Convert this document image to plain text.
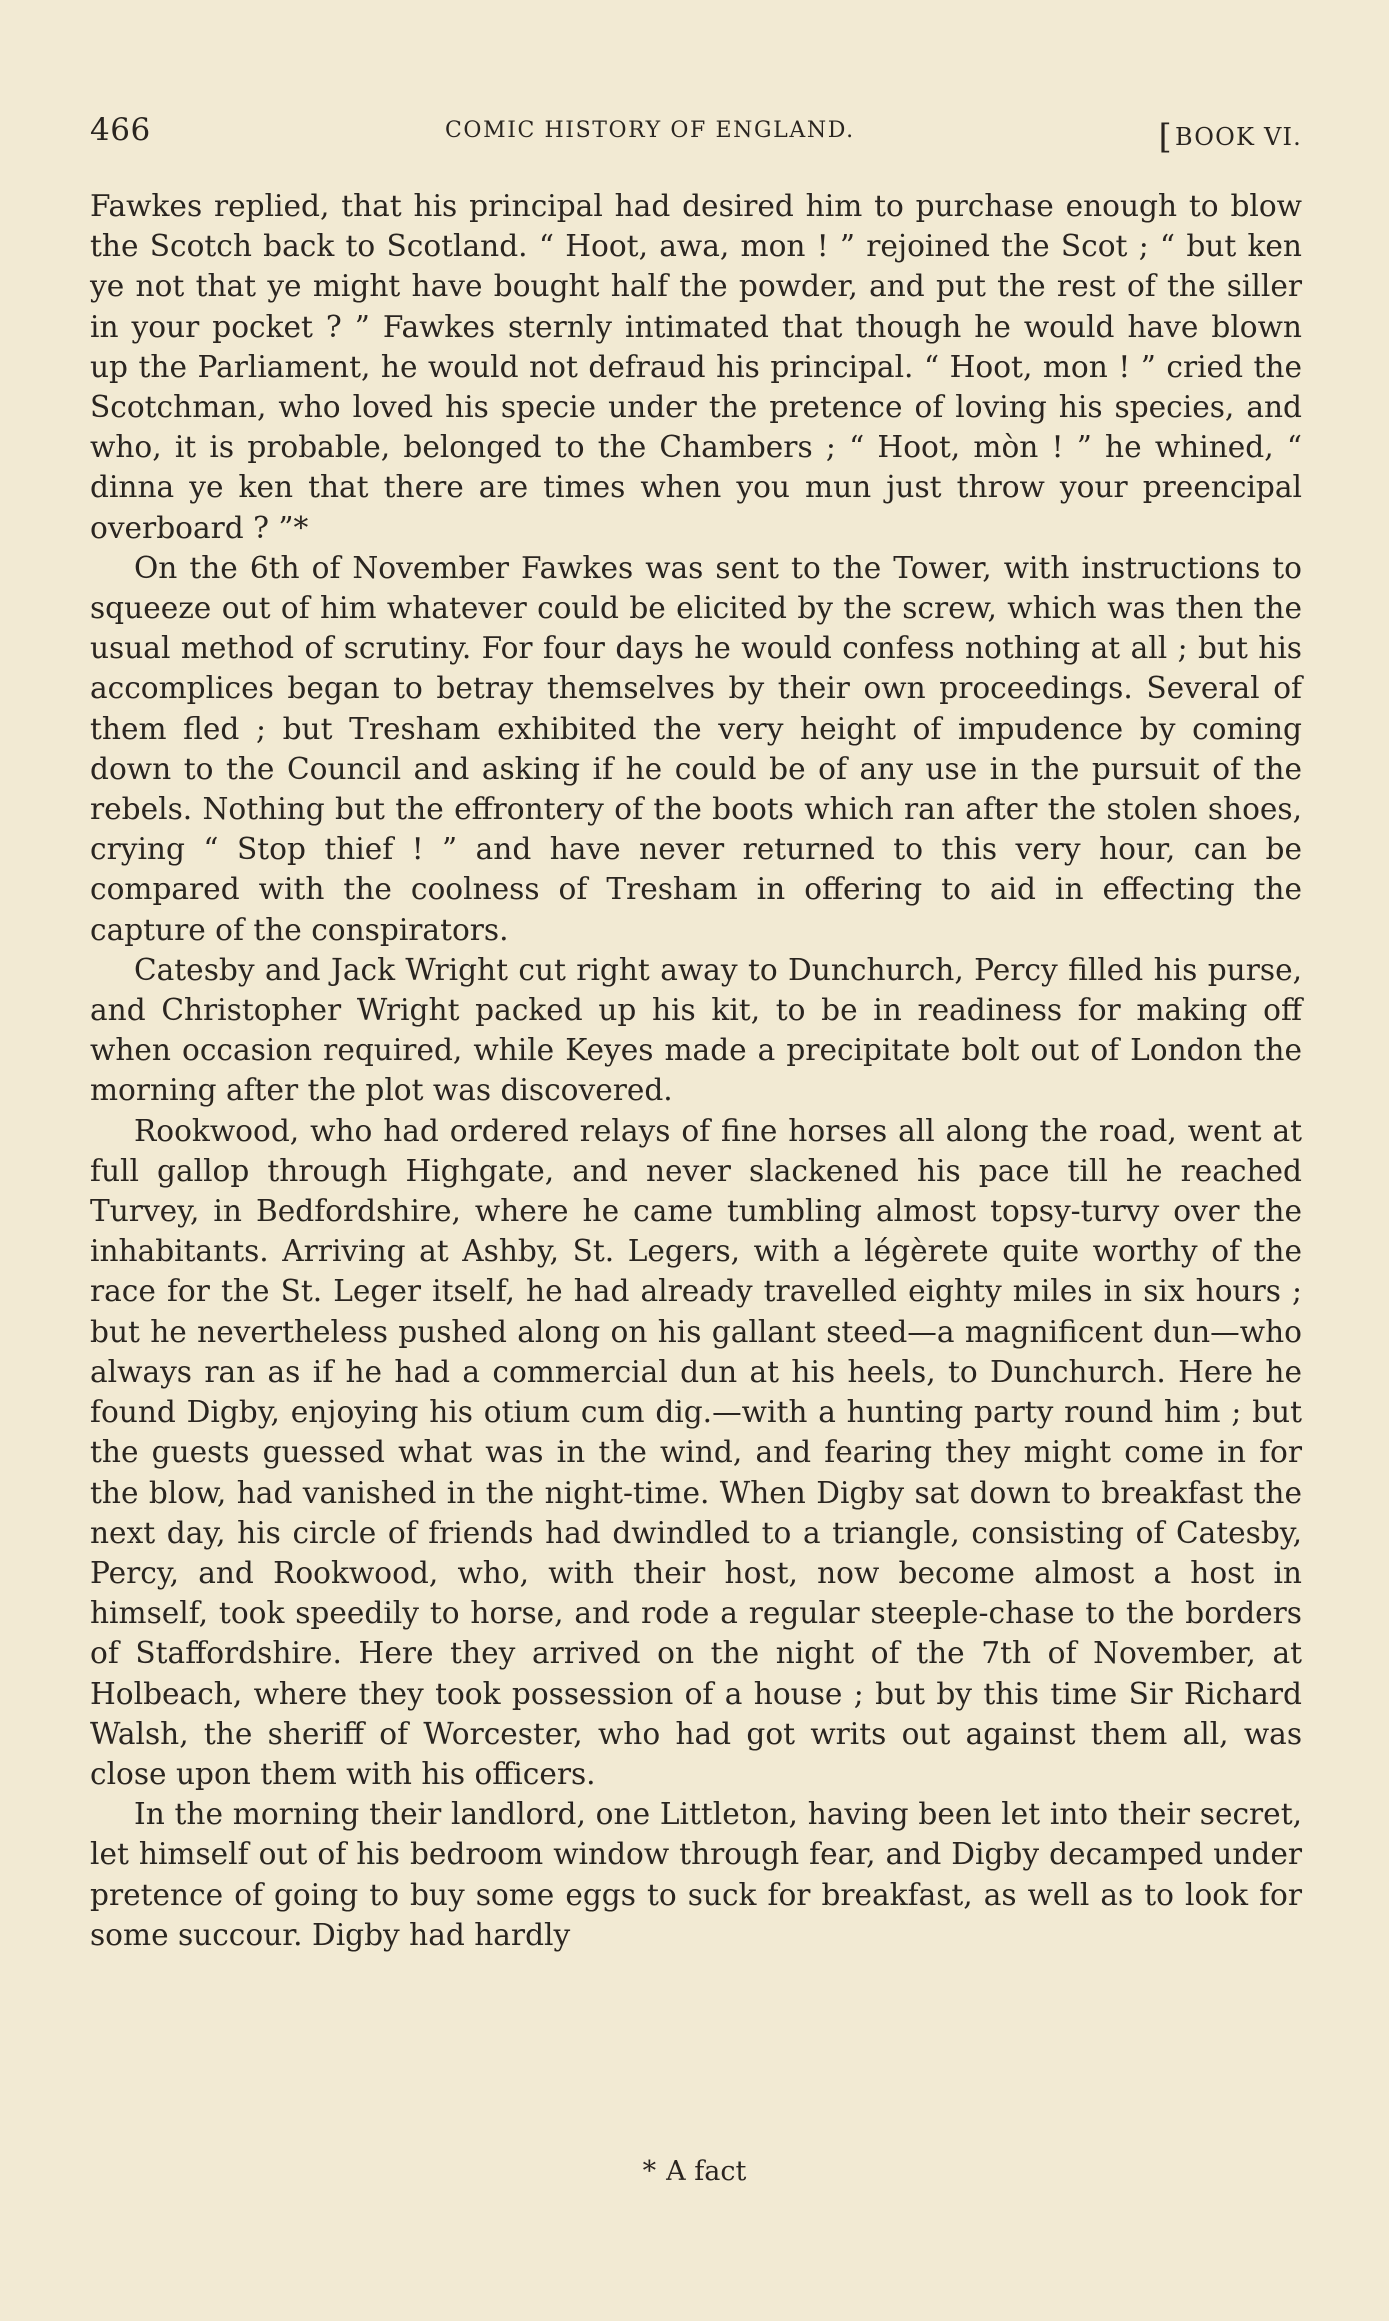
466	COMIC HISTORY OF ENGLAND.	[BOOK VI.

Fawkes replied, that his principal had desired him to purchase enough to blow the Scotch back to Scotland. “ Hoot, awa, mon ! ” rejoined the Scot ; “ but ken ye not that ye might have bought half the powder, and put the rest of the siller in your pocket ? ” Fawkes sternly intimated that though he would have blown up the Parliament, he would not defraud his principal. “ Hoot, mon ! ” cried the Scotchman, who loved his specie under the pretence of loving his species, and who, it is probable, belonged to the Chambers ; “ Hoot, mòn ! ” he whined, “ dinna ye ken that there are times when you mun just throw your preencipal overboard ? ”*

On the 6th of November Fawkes was sent to the Tower, with instructions to squeeze out of him whatever could be elicited by the screw, which was then the usual method of scrutiny. For four days he would confess nothing at all ; but his accomplices began to betray themselves by their own proceedings. Several of them fled ; but Tresham exhibited the very height of impudence by coming down to the Council and asking if he could be of any use in the pursuit of the rebels. Nothing but the effrontery of the boots which ran after the stolen shoes, crying “ Stop thief ! ” and have never returned to this very hour, can be compared with the coolness of Tresham in offering to aid in effecting the capture of the conspirators.

Catesby and Jack Wright cut right away to Dunchurch, Percy filled his purse, and Christopher Wright packed up his kit, to be in readiness for making off when occasion required, while Keyes made a precipitate bolt out of London the morning after the plot was discovered.

Rookwood, who had ordered relays of fine horses all along the road, went at full gallop through Highgate, and never slackened his pace till he reached Turvey, in Bedfordshire, where he came tumbling almost topsy-turvy over the inhabitants. Arriving at Ashby, St. Legers, with a légèrete quite worthy of the race for the St. Leger itself, he had already travelled eighty miles in six hours ; but he nevertheless pushed along on his gallant steed—a magnificent dun—who always ran as if he had a commercial dun at his heels, to Dunchurch. Here he found Digby, enjoying his otium cum dig.—with a hunting party round him ; but the guests guessed what was in the wind, and fearing they might come in for the blow, had vanished in the night-time. When Digby sat down to breakfast the next day, his circle of friends had dwindled to a triangle, consisting of Catesby, Percy, and Rookwood, who, with their host, now become almost a host in himself, took speedily to horse, and rode a regular steeple-chase to the borders of Staffordshire. Here they arrived on the night of the 7th of November, at Holbeach, where they took possession of a house ; but by this time Sir Richard Walsh, the sheriff of Worcester, who had got writs out against them all, was close upon them with his officers.

In the morning their landlord, one Littleton, having been let into their secret, let himself out of his bedroom window through fear, and Digby decamped under pretence of going to buy some eggs to suck for breakfast, as well as to look for some succour. Digby had hardly

* A fact
